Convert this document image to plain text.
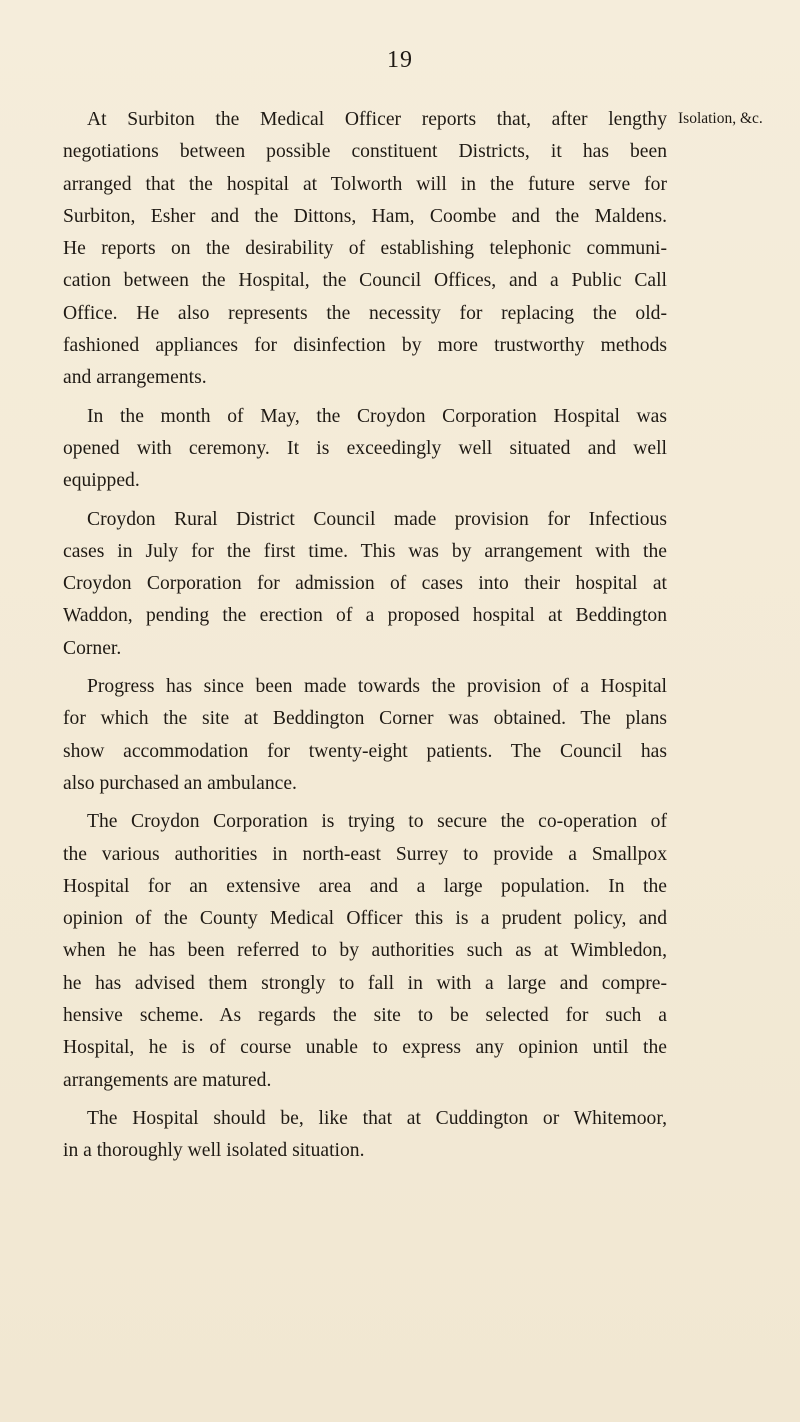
19
Isolation, &c.
At Surbiton the Medical Officer reports that, after lengthy
negotiations between possible constituent Districts, it has been
arranged that the hospital at Tolworth will in the future serve for
Surbiton, Esher and the Dittons, Ham, Coombe and the Maldens.
He reports on the desirability of establishing telephonic communi-
cation between the Hospital, the Council Offices, and a Public Call
Office. He also represents the necessity for replacing the old-
fashioned appliances for disinfection by more trustworthy methods
and arrangements.
In the month of May, the Croydon Corporation Hospital was
opened with ceremony. It is exceedingly well situated and well
equipped.
Croydon Rural District Council made provision for Infectious
cases in July for the first time. This was by arrangement with the
Croydon Corporation for admission of cases into their hospital at
Waddon, pending the erection of a proposed hospital at Beddington
Corner.
Progress has since been made towards the provision of a Hospital
for which the site at Beddington Corner was obtained. The plans
show accommodation for twenty-eight patients. The Council has
also purchased an ambulance.
The Croydon Corporation is trying to secure the co-operation of
the various authorities in north-east Surrey to provide a Smallpox
Hospital for an extensive area and a large population. In the
opinion of the County Medical Officer this is a prudent policy, and
when he has been referred to by authorities such as at Wimbledon,
he has advised them strongly to fall in with a large and compre-
hensive scheme. As regards the site to be selected for such a
Hospital, he is of course unable to express any opinion until the
arrangements are matured.
The Hospital should be, like that at Cuddington or Whitemoor,
in a thoroughly well isolated situation.
